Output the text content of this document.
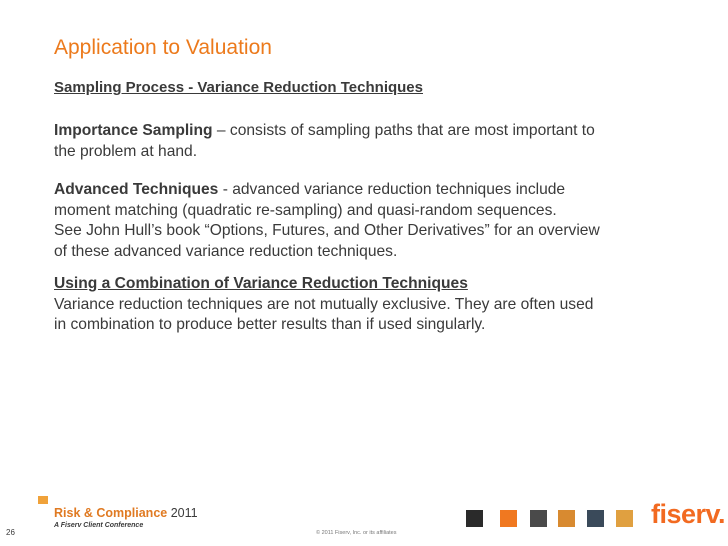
Application to Valuation
Sampling Process - Variance Reduction Techniques
Importance Sampling – consists of sampling paths that are most important to
the problem at hand.
Advanced Techniques - advanced variance reduction techniques include
moment matching (quadratic re-sampling) and quasi-random sequences.
See John Hull’s book “Options, Futures, and Other Derivatives” for an overview
of these advanced variance reduction techniques.
Using a Combination of Variance Reduction Techniques
Variance reduction techniques are not mutually exclusive. They are often used
in combination to produce better results than if used singularly.
Risk & Compliance 2011
A Fiserv Client Conference
26	© 2011 Fiserv, Inc. or its affiliates
fiserv.
